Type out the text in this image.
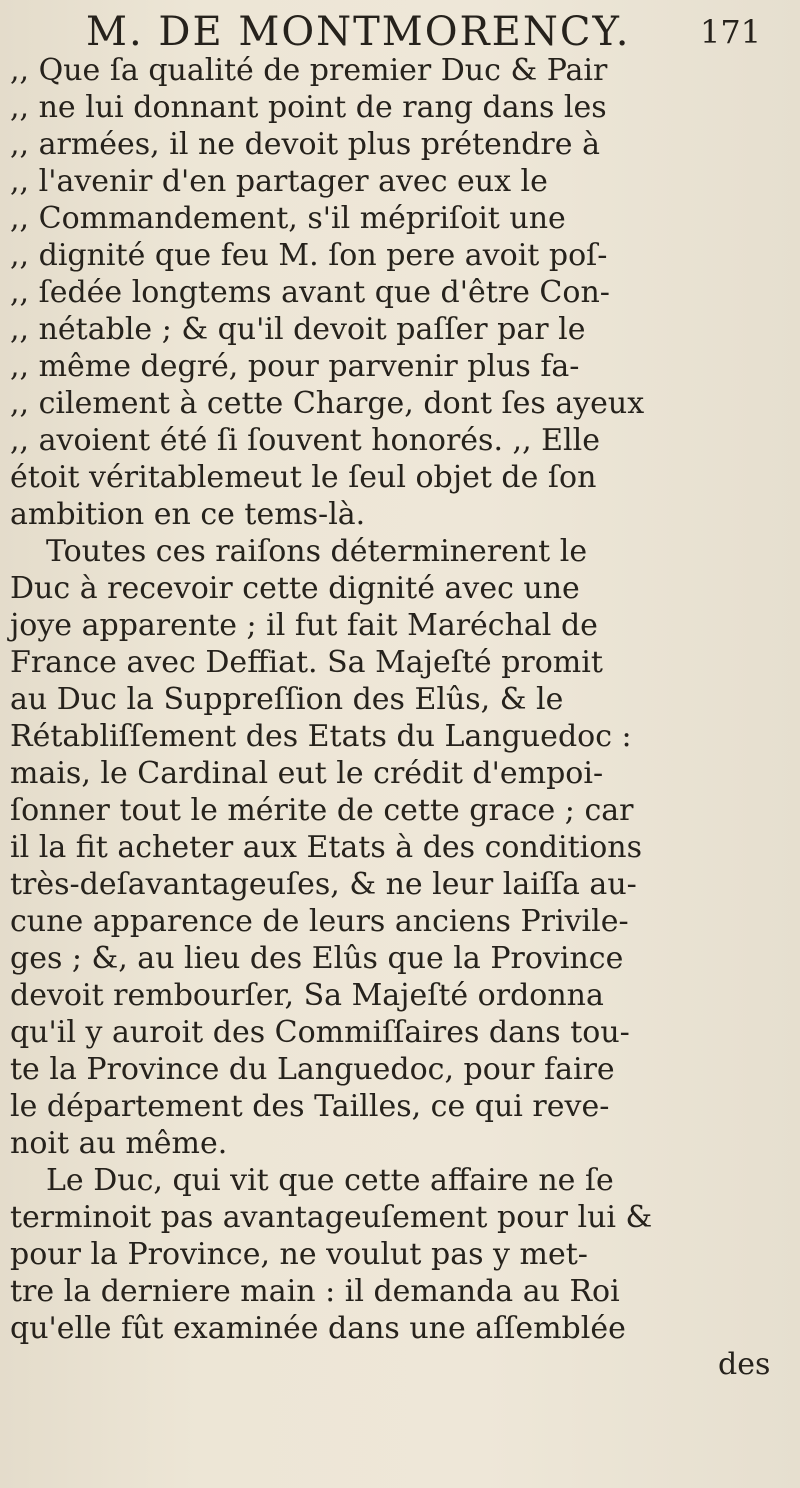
M. DE MONTMORENCY. 171
,, Que ſa qualité de premier Duc & Pair
,, ne lui donnant point de rang dans les
,, armées, il ne devoit plus prétendre à
,, l'avenir d'en partager avec eux le
,, Commandement, s'il mépriſoit une
,, dignité que feu M. ſon pere avoit poſ-
,, ſedée longtems avant que d'être Con-
,, nétable ; & qu'il devoit paſſer par le
,, même degré, pour parvenir plus fa-
,, cilement à cette Charge, dont ſes ayeux
,, avoient été ſi ſouvent honorés. ,, Elle
étoit véritablemeut le ſeul objet de ſon
ambition en ce tems-là.
Toutes ces raiſons déterminerent le
Duc à recevoir cette dignité avec une
joye apparente ; il fut fait Maréchal de
France avec Deffiat. Sa Majeſté promit
au Duc la Suppreſſion des Elûs, & le
Rétabliſſement des Etats du Languedoc :
mais, le Cardinal eut le crédit d'empoi-
ſonner tout le mérite de cette grace ; car
il la fit acheter aux Etats à des conditions
très-deſavantageuſes, & ne leur laiſſa au-
cune apparence de leurs anciens Privile-
ges ; &, au lieu des Elûs que la Province
devoit rembourſer, Sa Majeſté ordonna
qu'il y auroit des Commiſſaires dans tou-
te la Province du Languedoc, pour faire
le département des Tailles, ce qui reve-
noit au même.
Le Duc, qui vit que cette affaire ne ſe
terminoit pas avantageuſement pour lui &
pour la Province, ne voulut pas y met-
tre la derniere main : il demanda au Roi
qu'elle fût examinée dans une aſſemblée
des
